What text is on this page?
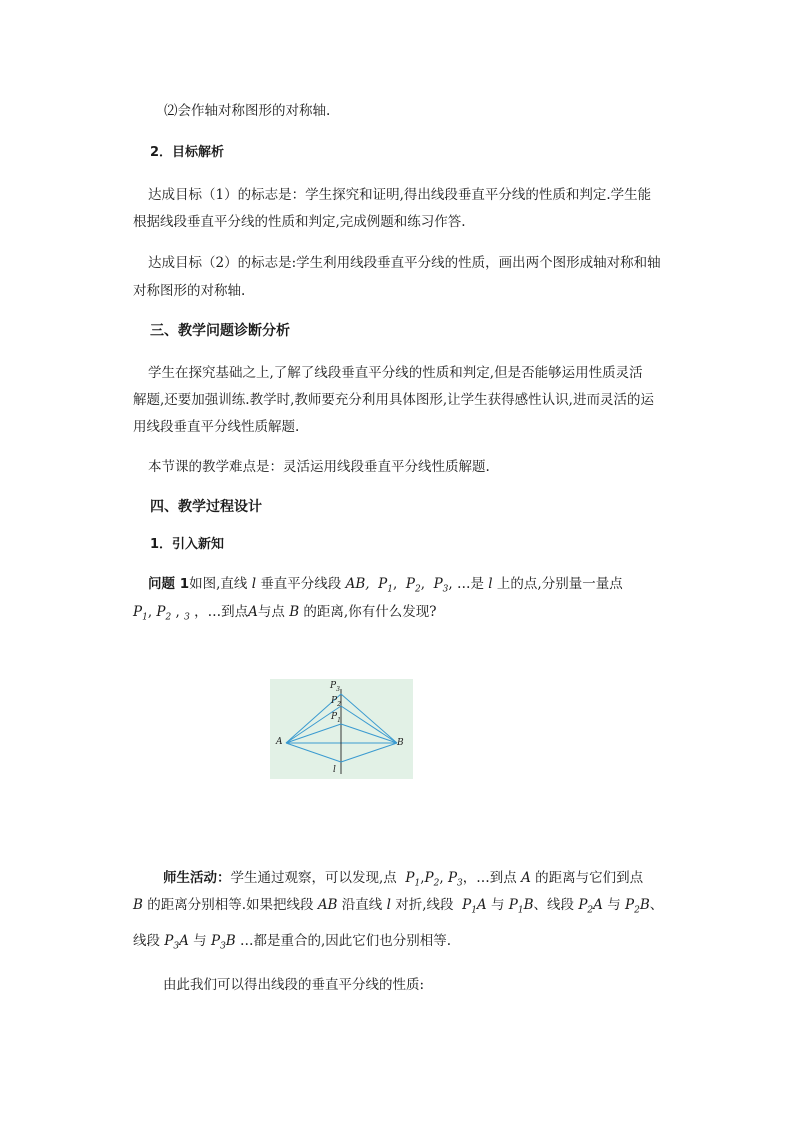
⑵会作轴对称图形的对称轴.
2．目标解析
达成目标（1）的标志是：学生探究和证明,得出线段垂直平分线的性质和判定.学生能
根据线段垂直平分线的性质和判定,完成例题和练习作答.
达成目标（2）的标志是:学生利用线段垂直平分线的性质，画出两个图形成轴对称和轴
对称图形的对称轴.
三、教学问题诊断分析
学生在探究基础之上,了解了线段垂直平分线的性质和判定,但是否能够运用性质灵活
解题,还要加强训练.教学时,教师要充分利用具体图形,让学生获得感性认识,进而灵活的运
用线段垂直平分线性质解题.
本节课的教学难点是：灵活运用线段垂直平分线性质解题.
四、教学过程设计
1．引入新知
问题 1如图,直线 l 垂直平分线段 AB, $P_1$,  $P_2$,  $P_3$, …是 l 上的点,分别量一量点
$P_1$, $P_2$ , $_3$ ，…到点A与点 B 的距离,你有什么发现?
$P_3$
$P_2$
$P_1$
A	B
l
师生活动：学生通过观察，可以发现,点 $P_1,P_2$, $P_3$，…到点 A 的距离与它们到点
B 的距离分别相等.如果把线段 AB 沿直线 l 对折,线段 $P_1A$ 与 $P_1B$、线段 $P_2A$ 与 $P_2B$、
线段 $P_3A$ 与 $P_3B$ …都是重合的,因此它们也分别相等.
由此我们可以得出线段的垂直平分线的性质:
